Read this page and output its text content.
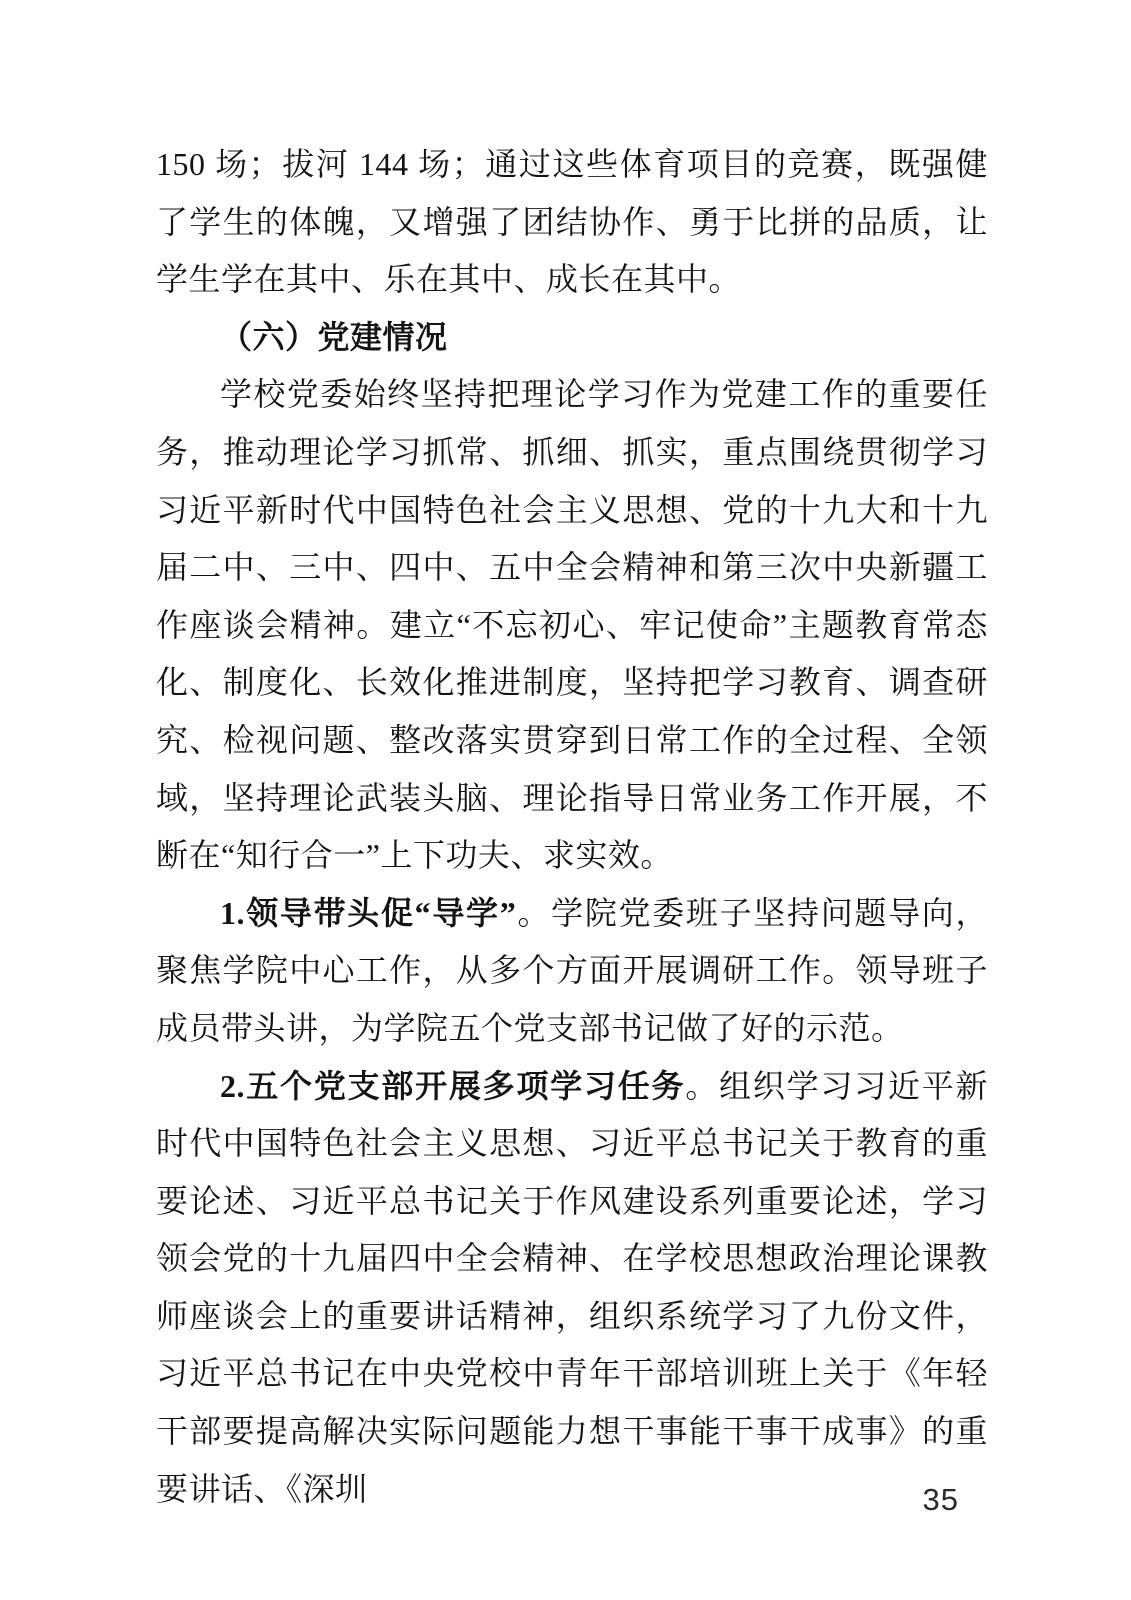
150 场；拔河 144 场；通过这些体育项目的竞赛，既强健了学生的体魄，又增强了团结协作、勇于比拼的品质，让学生学在其中、乐在其中、成长在其中。

（六）党建情况

学校党委始终坚持把理论学习作为党建工作的重要任务，推动理论学习抓常、抓细、抓实，重点围绕贯彻学习习近平新时代中国特色社会主义思想、党的十九大和十九届二中、三中、四中、五中全会精神和第三次中央新疆工作座谈会精神。建立“不忘初心、牢记使命”主题教育常态化、制度化、长效化推进制度，坚持把学习教育、调查研究、检视问题、整改落实贯穿到日常工作的全过程、全领域，坚持理论武装头脑、理论指导日常业务工作开展，不断在“知行合一”上下功夫、求实效。

1.领导带头促“导学”。学院党委班子坚持问题导向，聚焦学院中心工作，从多个方面开展调研工作。领导班子成员带头讲，为学院五个党支部书记做了好的示范。

2.五个党支部开展多项学习任务。组织学习习近平新时代中国特色社会主义思想、习近平总书记关于教育的重要论述、习近平总书记关于作风建设系列重要论述，学习领会党的十九届四中全会精神、在学校思想政治理论课教师座谈会上的重要讲话精神，组织系统学习了九份文件，习近平总书记在中央党校中青年干部培训班上关于《年轻干部要提高解决实际问题能力想干事能干事干成事》的重要讲话、《深圳	35
